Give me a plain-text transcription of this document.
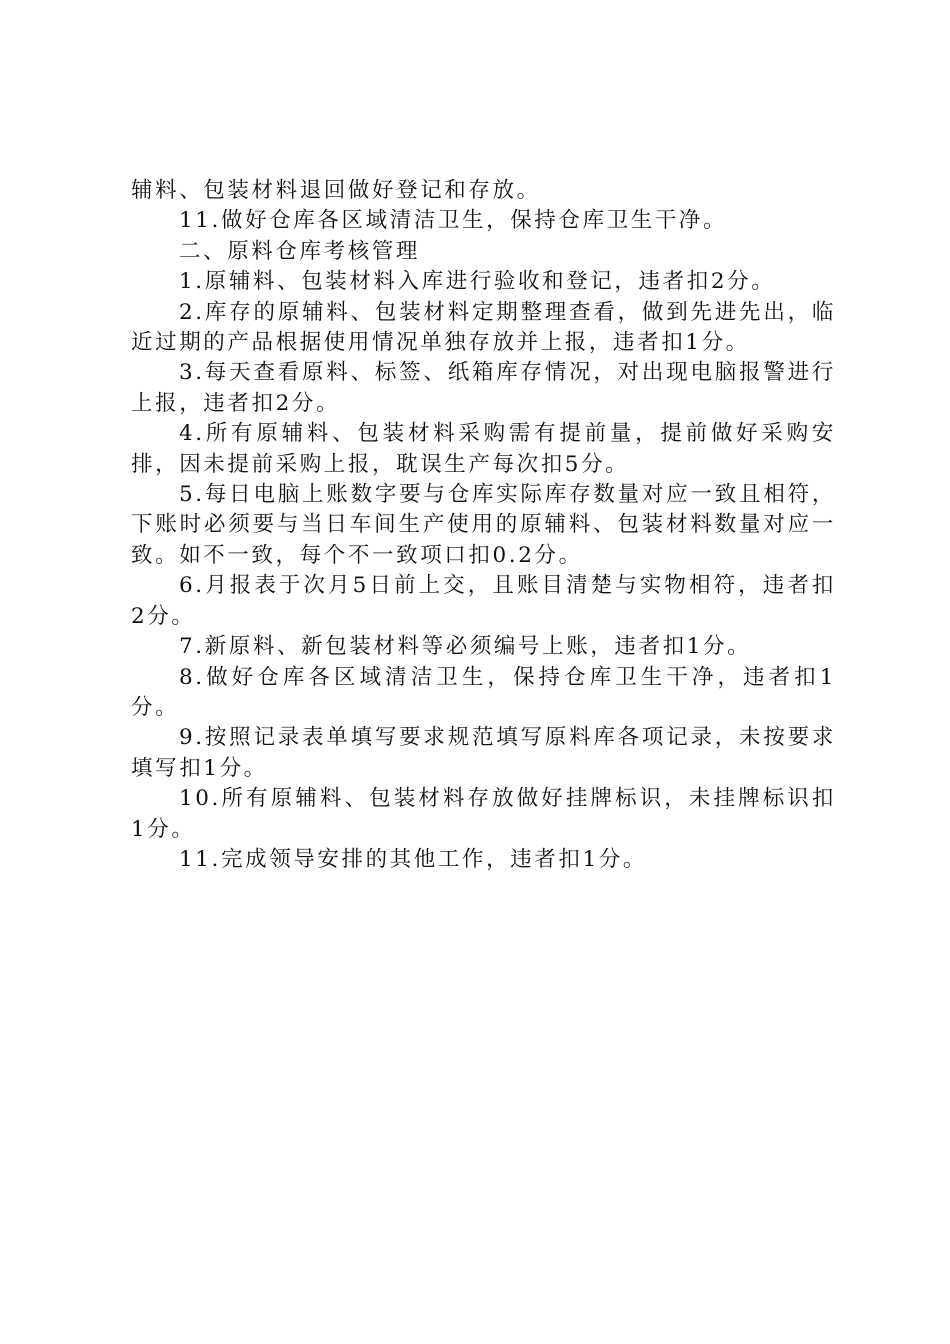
辅料、包装材料退回做好登记和存放。

11.做好仓库各区域清洁卫生，保持仓库卫生干净。

二、原料仓库考核管理

1.原辅料、包装材料入库进行验收和登记，违者扣2分。

2.库存的原辅料、包装材料定期整理查看，做到先进先出，临近过期的产品根据使用情况单独存放并上报，违者扣1分。

3.每天查看原料、标签、纸箱库存情况，对出现电脑报警进行上报，违者扣2分。

4.所有原辅料、包装材料采购需有提前量，提前做好采购安排，因未提前采购上报，耽误生产每次扣5分。

5.每日电脑上账数字要与仓库实际库存数量对应一致且相符，下账时必须要与当日车间生产使用的原辅料、包装材料数量对应一致。如不一致，每个不一致项口扣0.2分。

6.月报表于次月5日前上交，且账目清楚与实物相符，违者扣2分。

7.新原料、新包装材料等必须编号上账，违者扣1分。

8.做好仓库各区域清洁卫生，保持仓库卫生干净，违者扣1分。

9.按照记录表单填写要求规范填写原料库各项记录，未按要求填写扣1分。

10.所有原辅料、包装材料存放做好挂牌标识，未挂牌标识扣1分。

11.完成领导安排的其他工作，违者扣1分。
